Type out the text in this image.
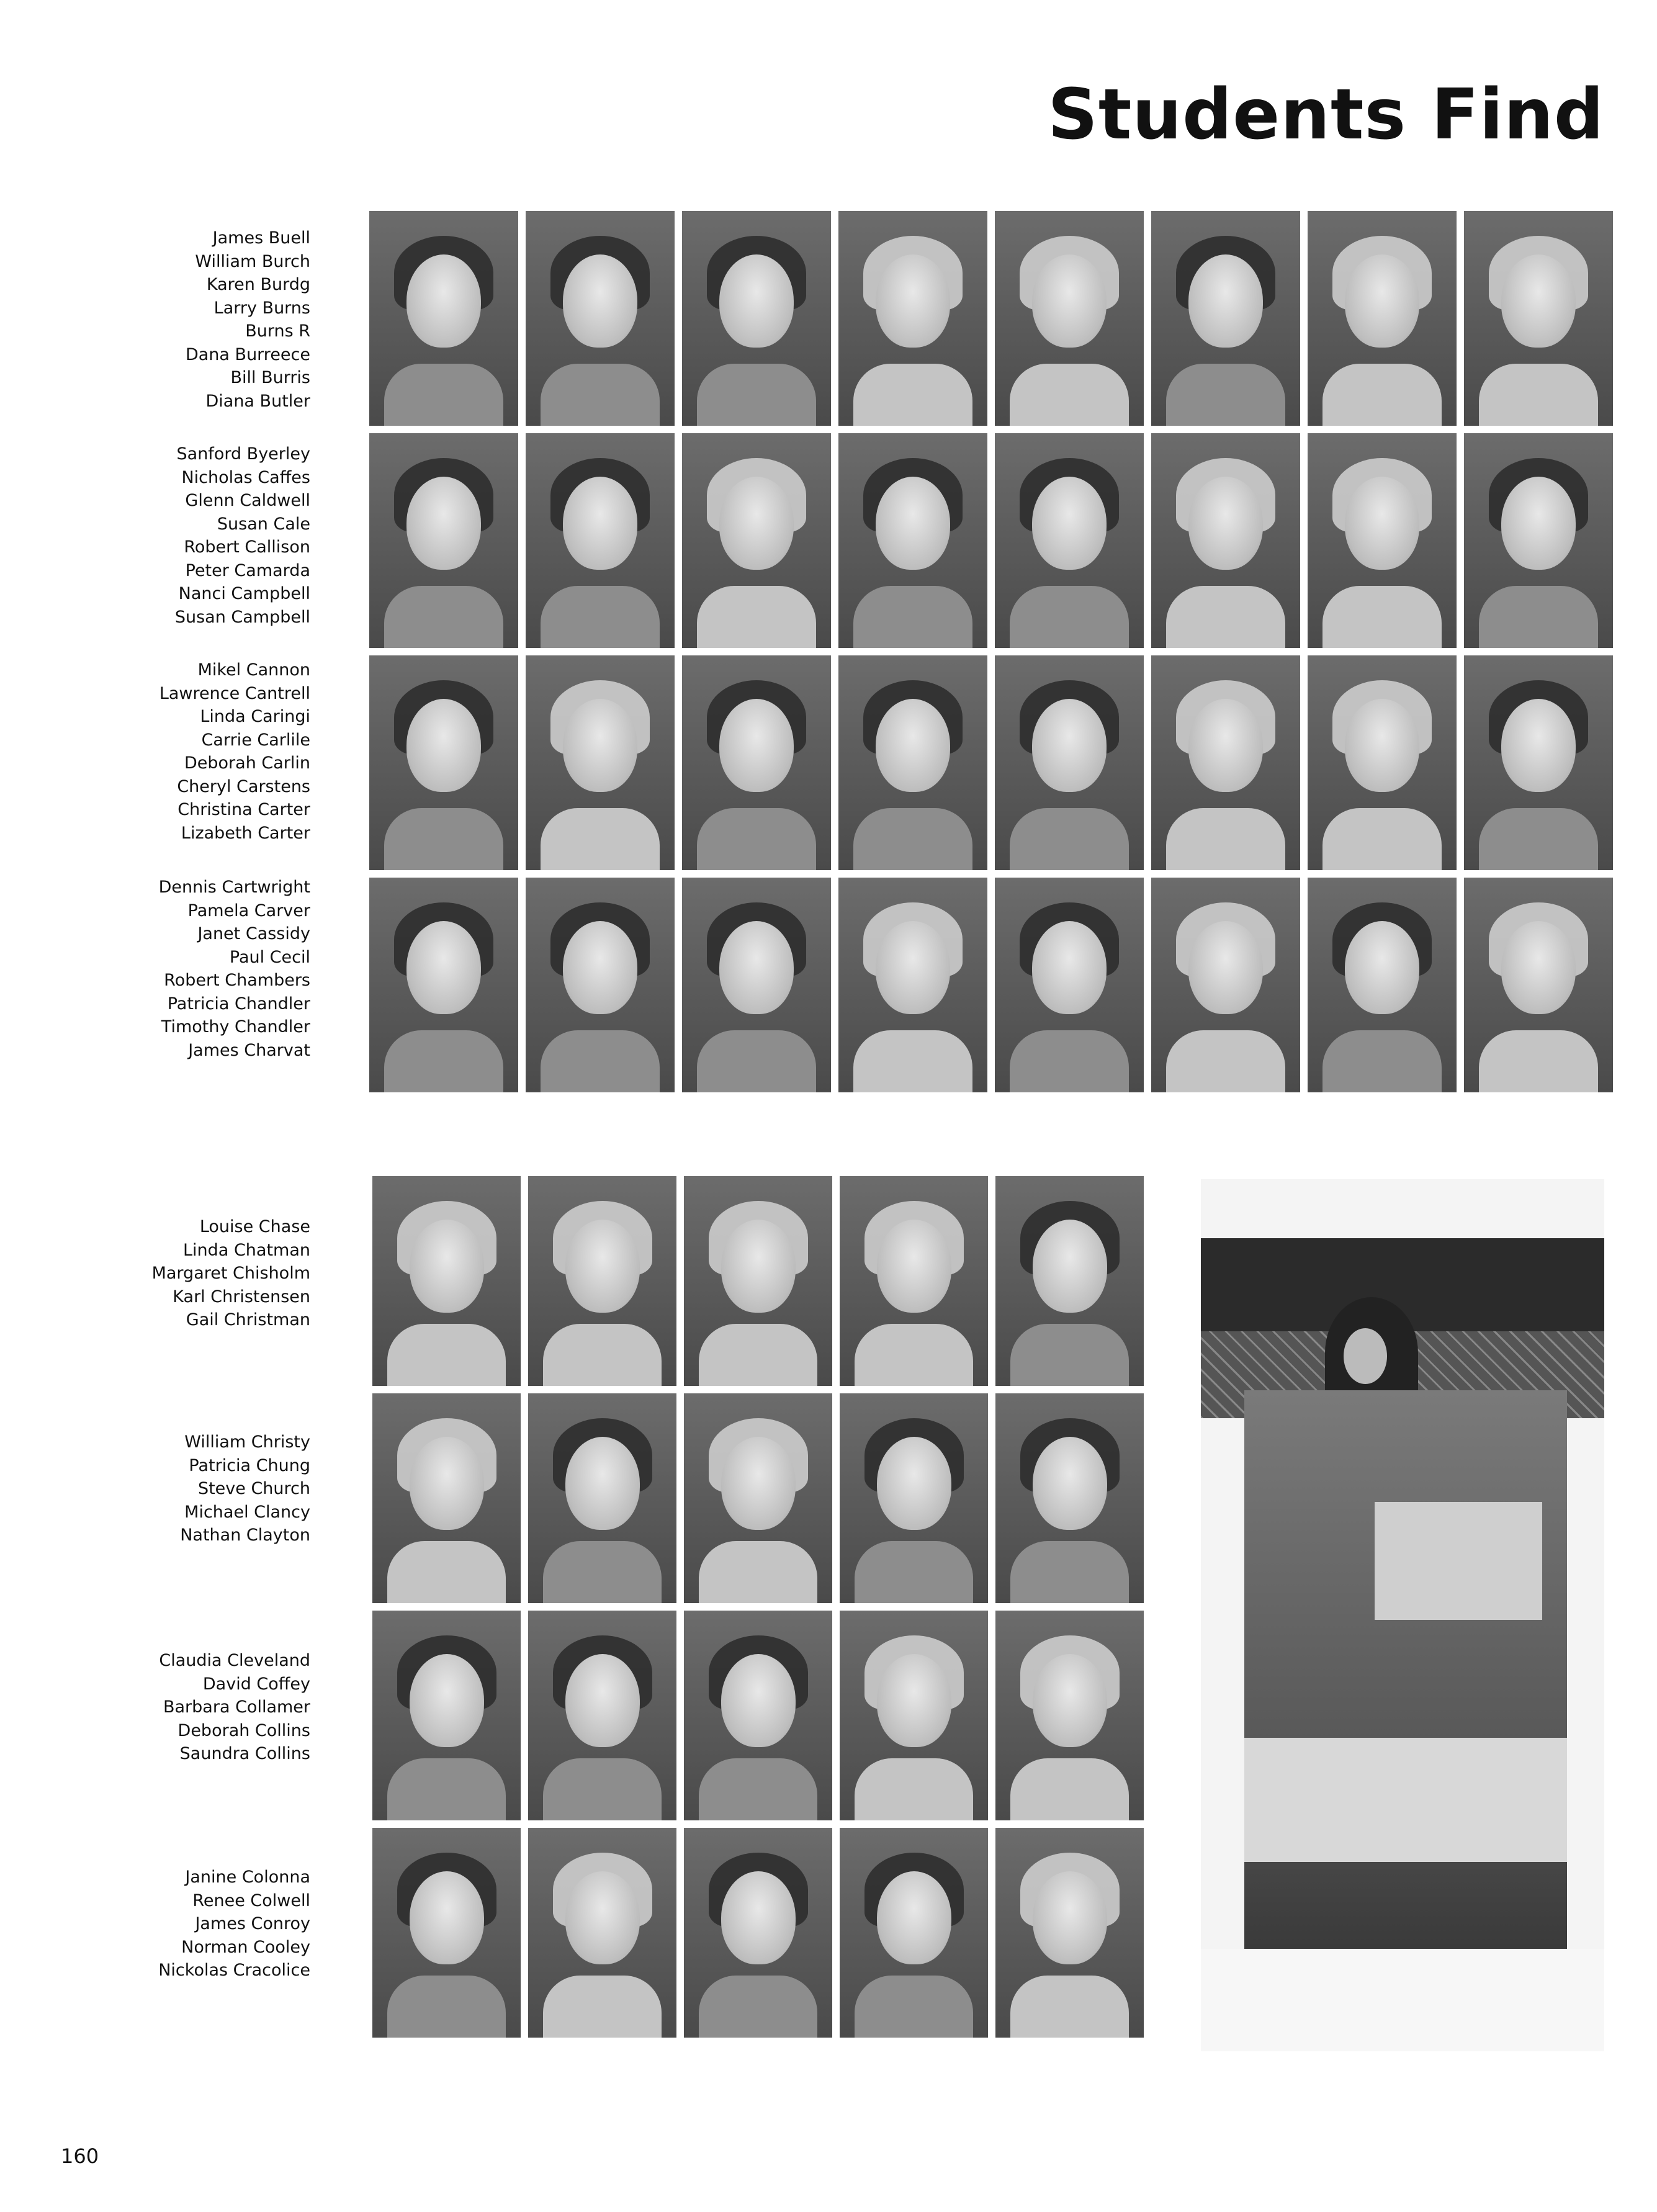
Students Find
James Buell
William Burch
Karen Burdg
Larry Burns
Burns R
Dana Burreece
Bill Burris
Diana Butler
Sanford Byerley
Nicholas Caffes
Glenn Caldwell
Susan Cale
Robert Callison
Peter Camarda
Nanci Campbell
Susan Campbell
Mikel Cannon
Lawrence Cantrell
Linda Caringi
Carrie Carlile
Deborah Carlin
Cheryl Carstens
Christina Carter
Lizabeth Carter
Dennis Cartwright
Pamela Carver
Janet Cassidy
Paul Cecil
Robert Chambers
Patricia Chandler
Timothy Chandler
James Charvat
Louise Chase
Linda Chatman
Margaret Chisholm
Karl Christensen
Gail Christman
William Christy
Patricia Chung
Steve Church
Michael Clancy
Nathan Clayton
Claudia Cleveland
David Coffey
Barbara Collamer
Deborah Collins
Saundra Collins
Janine Colonna
Renee Colwell
James Conroy
Norman Cooley
Nickolas Cracolice
160
